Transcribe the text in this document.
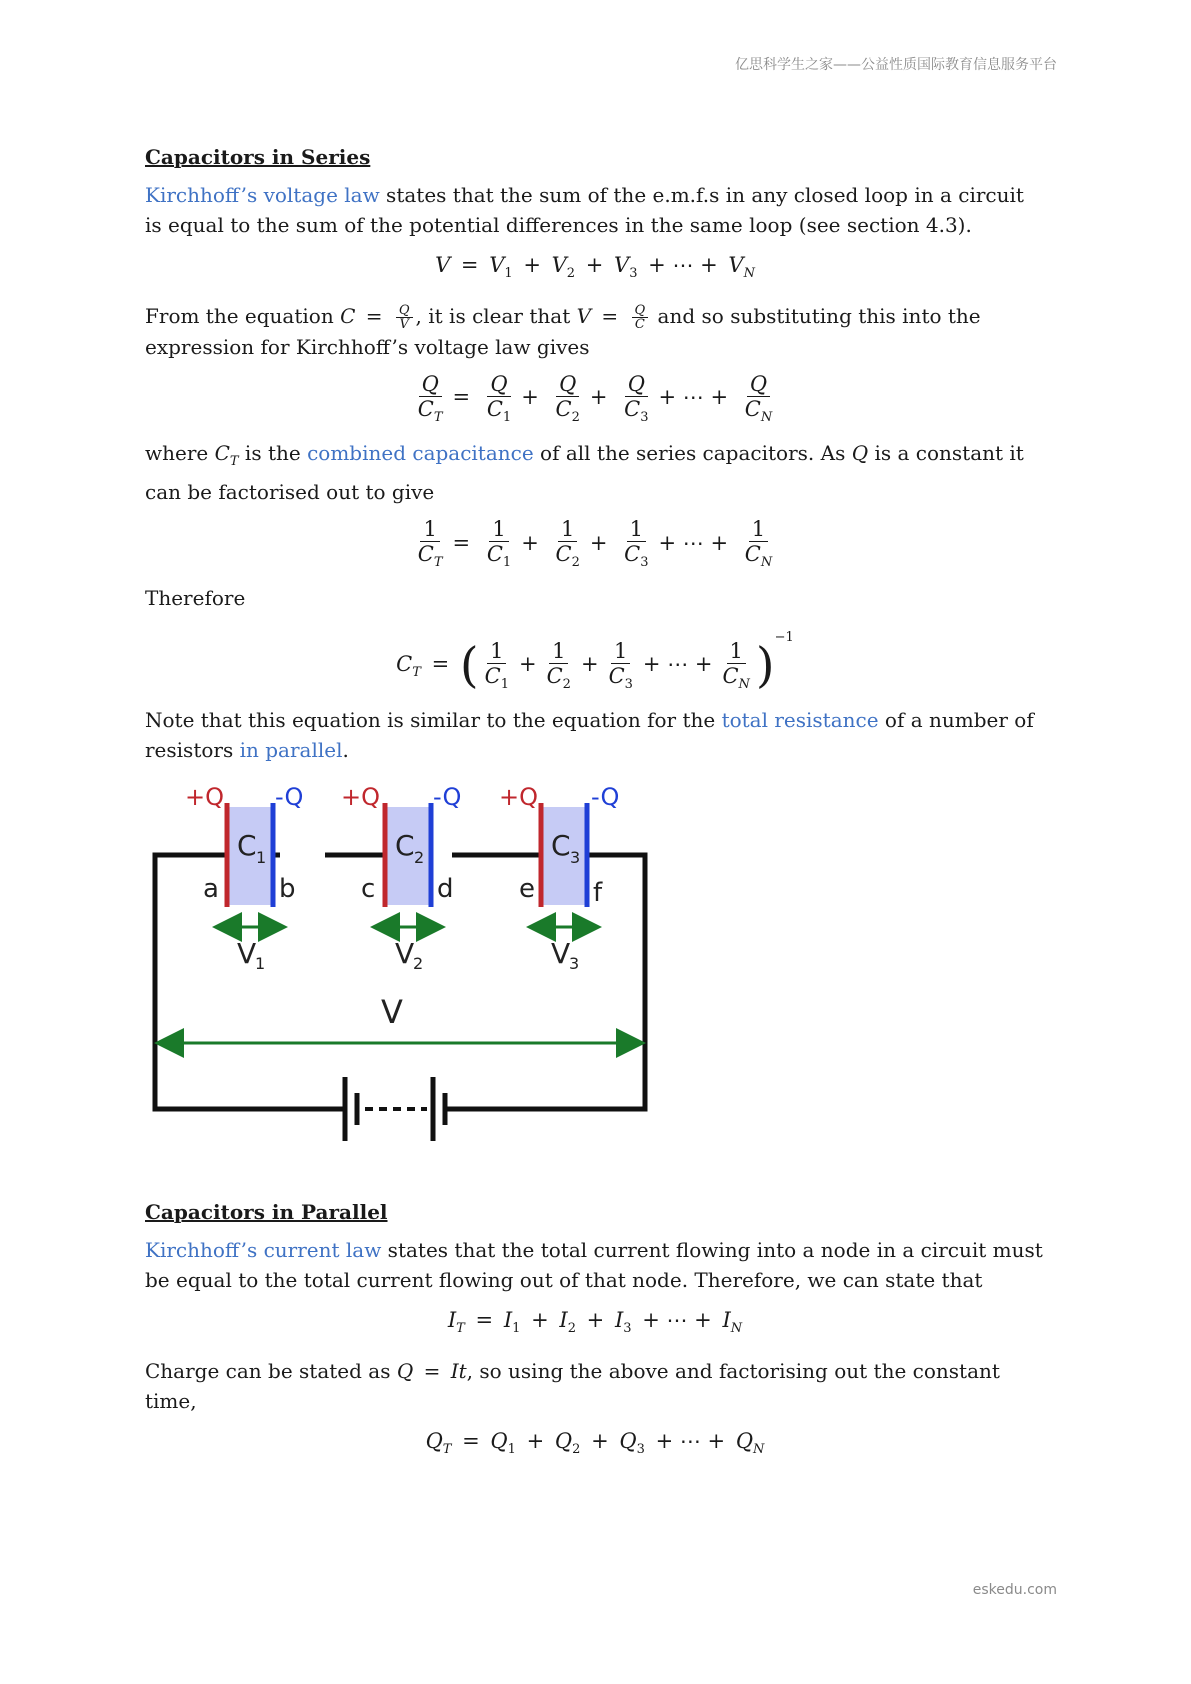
亿思科学生之家——公益性质国际教育信息服务平台
Capacitors in Series

Kirchhoff’s voltage law states that the sum of the e.m.f.s in any closed loop in a circuit is equal to the sum of the potential differences in the same loop (see section 4.3).

$V = V_1 + V_2 + V_3$ + ⋯ + $V_N$

From the equation $C = \frac{Q}{V}$ , it is clear that $V = \frac{Q}{C}$ and so substituting this into the expression for Kirchhoff’s voltage law gives

$\frac{Q}{C_T} = \frac{Q}{C_1} + \frac{Q}{C_2} + \frac{Q}{C_3}$ + ⋯ + $\frac{Q}{C_N}$

where $C_T$ is the combined capacitance of all the series capacitors. As Q is a constant it can be factorised out to give

$\frac{1}{C_T} = \frac{1}{C_1} + \frac{1}{C_2} + \frac{1}{C_3}$ + ⋯ + $\frac{1}{C_N}$

Therefore

$C_T$ = ( $\frac{1}{C_1} + \frac{1}{C_2} + \frac{1}{C_3}$ + ⋯ + $\frac{1}{C_N} )^{-1}$

Note that this equation is similar to the equation for the total resistance of a number of resistors in parallel.

+Q -Q +Q -Q +Q -Q
C 1	C 2	C 3
a b	c d	e f
V
1	V
2	V
3
V
Capacitors in Parallel

Kirchhoff’s current law states that the total current flowing into a node in a circuit must be equal to the total current flowing out of that node. Therefore, we can state that

$I_T = I_1 + I_2 + I_3$ + ⋯ + $I_N$

Charge can be stated as Q = It, so using the above and factorising out the constant time,

$Q_T = Q_1 + Q_2 + Q_3$ + ⋯ + $Q_N$
eskedu.com
